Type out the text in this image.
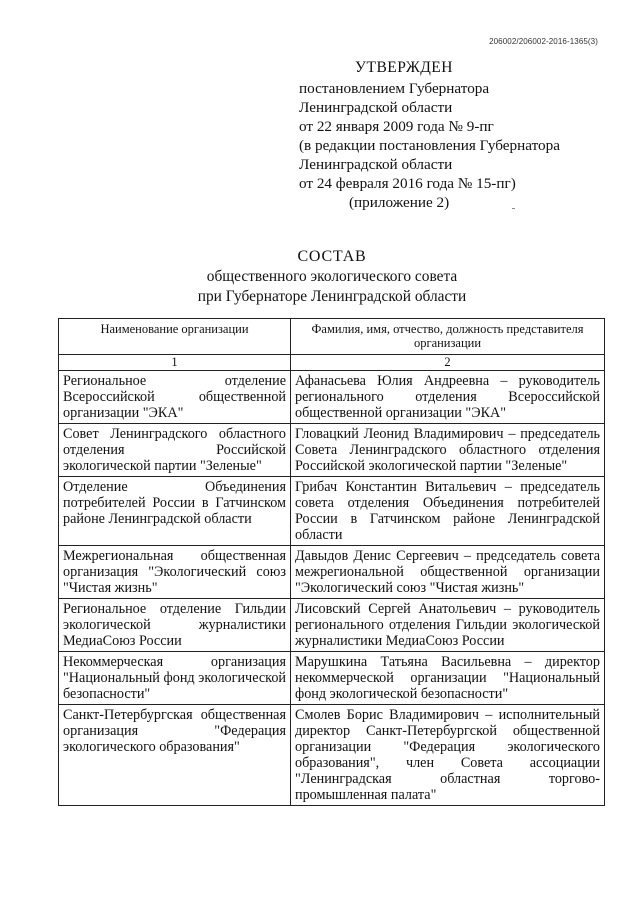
206002/206002-2016-1365(3)
УТВЕРЖДЕН
постановлением Губернатора
Ленинградской области
от 22 января 2009 года № 9-пг
(в редакции постановления Губернатора
Ленинградской области
от 24 февраля 2016 года № 15-пг)
(приложение 2)
СОСТАВ
общественного экологического совета
при Губернаторе Ленинградской области
Наименование организации	Фамилия, имя, отчество, должность представителя организации
1	2
Региональное отделение Всероссийской общественной организации "ЭКА"	Афанасьева Юлия Андреевна – руководитель регионального отделения Всероссийской общественной организации "ЭКА"
Совет Ленинградского областного отделения Российской экологической партии "Зеленые"	Гловацкий Леонид Владимирович – председатель Совета Ленинградского областного отделения Российской экологической партии "Зеленые"
Отделение Объединения потребителей России в Гатчинском районе Ленинградской области	Грибач Константин Витальевич – председатель совета отделения Объединения потребителей России в Гатчинском районе Ленинградской области
Межрегиональная общественная организация "Экологический союз "Чистая жизнь"	Давыдов Денис Сергеевич – председатель совета межрегиональной общественной организации "Экологический союз "Чистая жизнь"
Региональное отделение Гильдии экологической журналистики МедиаСоюз России	Лисовский Сергей Анатольевич – руководитель регионального отделения Гильдии экологической журналистики МедиаСоюз России
Некоммерческая организация "Национальный фонд экологической безопасности"	Марушкина Татьяна Васильевна – директор некоммерческой организации "Национальный фонд экологической безопасности"
Санкт-Петербургская общественная организация "Федерация экологического образования"	Смолев Борис Владимирович – исполнительный директор Санкт-Петербургской общественной организации "Федерация экологического образования", член Совета ассоциации "Ленинградская областная торгово-промышленная палата"
